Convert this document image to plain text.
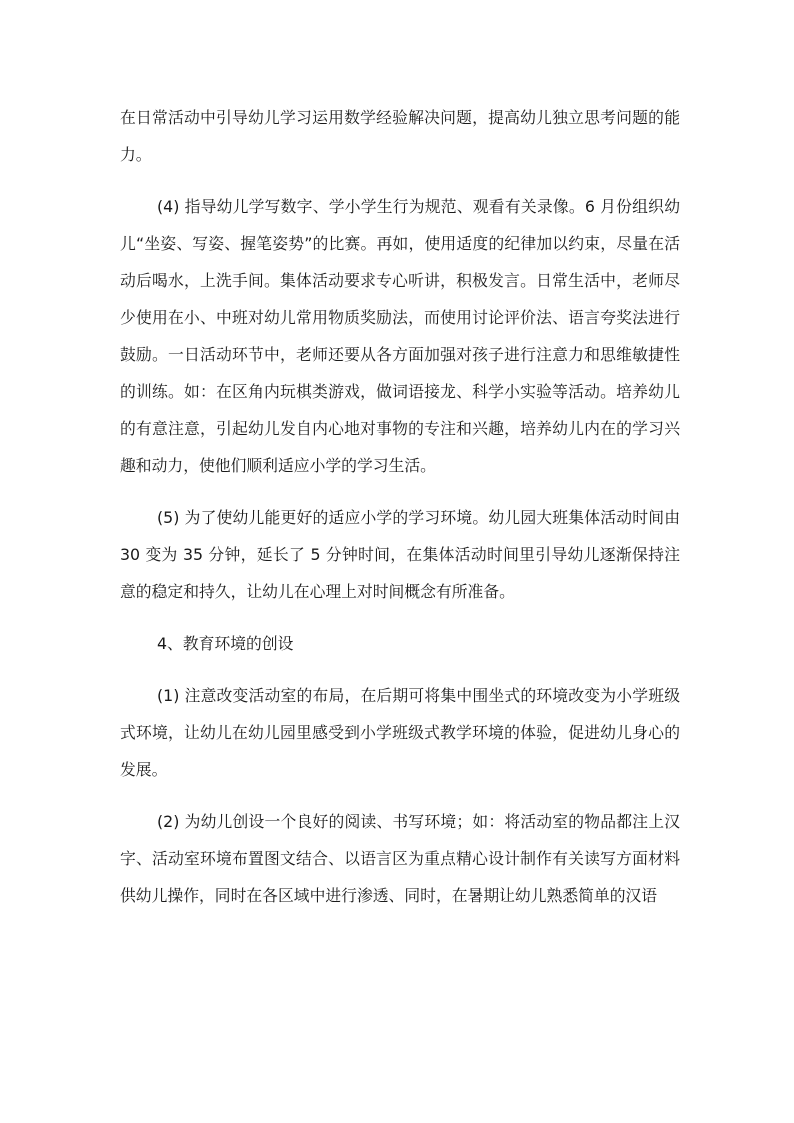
在日常活动中引导幼儿学习运用数学经验解决问题，提高幼儿独立思考问题的能力。

(4) 指导幼儿学写数字、学小学生行为规范、观看有关录像。6 月份组织幼儿“坐姿、写姿、握笔姿势”的比赛。再如，使用适度的纪律加以约束，尽量在活动后喝水，上洗手间。集体活动要求专心听讲，积极发言。日常生活中，老师尽少使用在小、中班对幼儿常用物质奖励法，而使用讨论评价法、语言夸奖法进行鼓励。一日活动环节中，老师还要从各方面加强对孩子进行注意力和思维敏捷性的训练。如：在区角内玩棋类游戏，做词语接龙、科学小实验等活动。培养幼儿的有意注意，引起幼儿发自内心地对事物的专注和兴趣，培养幼儿内在的学习兴趣和动力，使他们顺利适应小学的学习生活。

(5) 为了使幼儿能更好的适应小学的学习环境。幼儿园大班集体活动时间由 30 变为 35 分钟，延长了 5 分钟时间，在集体活动时间里引导幼儿逐渐保持注意的稳定和持久，让幼儿在心理上对时间概念有所准备。

4、教育环境的创设

(1) 注意改变活动室的布局，在后期可将集中围坐式的环境改变为小学班级式环境，让幼儿在幼儿园里感受到小学班级式教学环境的体验，促进幼儿身心的发展。

(2) 为幼儿创设一个良好的阅读、书写环境；如：将活动室的物品都注上汉字、活动室环境布置图文结合、以语言区为重点精心设计制作有关读写方面材料供幼儿操作，同时在各区域中进行渗透、同时，在暑期让幼儿熟悉简单的汉语
